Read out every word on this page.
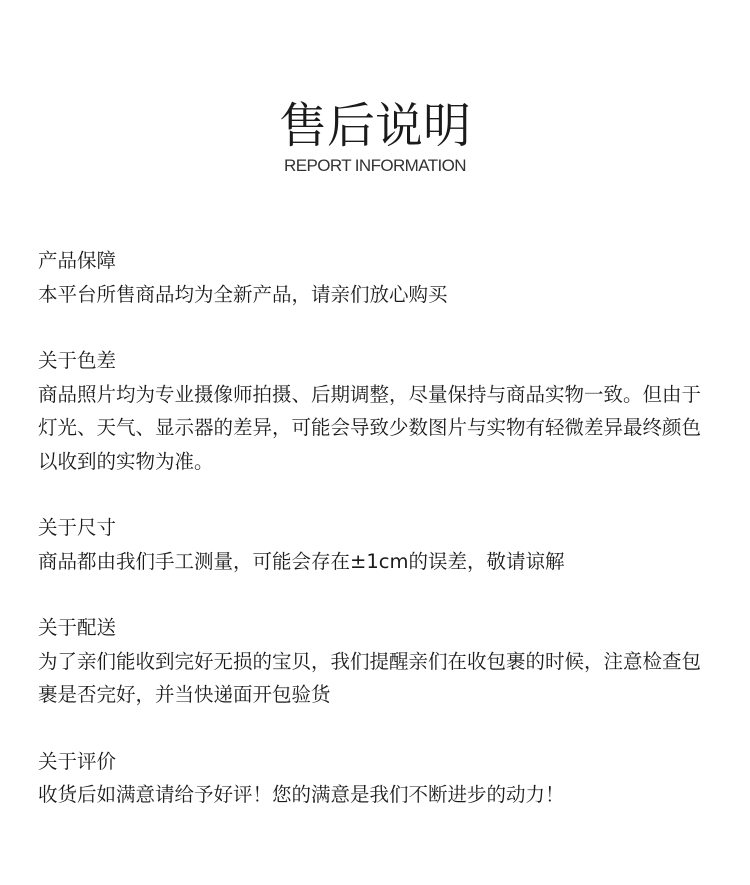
售后说明
REPORT INFORMATION

产品保障

本平台所售商品均为全新产品，请亲们放心购买

关于色差

商品照片均为专业摄像师拍摄、后期调整，尽量保持与商品实物一致。但由于灯光、天气、显示器的差异，可能会导致少数图片与实物有轻微差异最终颜色以收到的实物为准。

关于尺寸

商品都由我们手工测量，可能会存在±1cm的误差，敬请谅解

关于配送

为了亲们能收到完好无损的宝贝，我们提醒亲们在收包裹的时候，注意检查包裹是否完好，并当快递面开包验货

关于评价

收货后如满意请给予好评！您的满意是我们不断进步的动力！
